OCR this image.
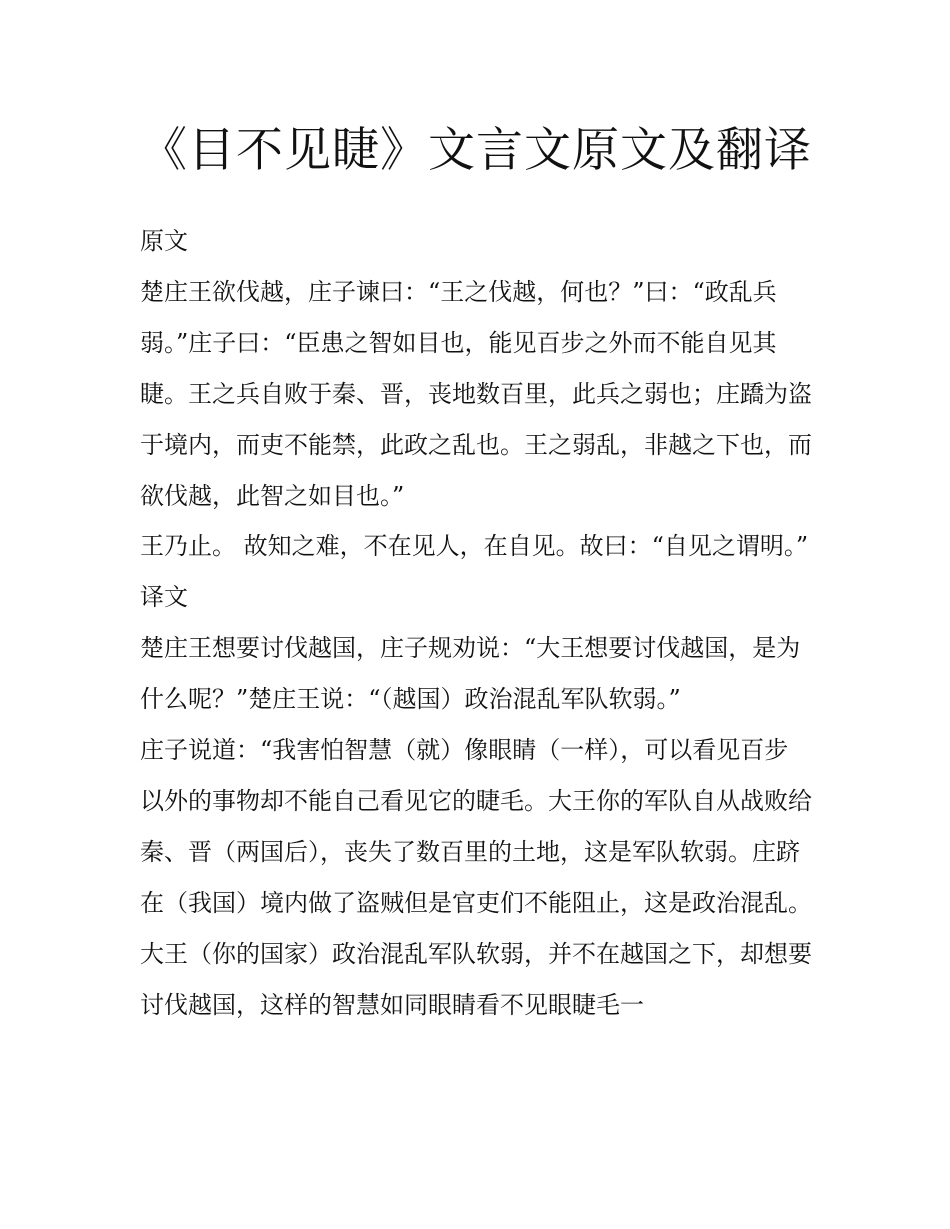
《目不见睫》文言文原文及翻译

原文

楚庄王欲伐越，庄子谏曰：“王之伐越，何也？”曰：“政乱兵弱。”庄子曰：“臣患之智如目也，能见百步之外而不能自见其睫。王之兵自败于秦、晋，丧地数百里，此兵之弱也；庄蹻为盗于境内，而吏不能禁，此政之乱也。王之弱乱，非越之下也，而欲伐越，此智之如目也。”

王乃止。 故知之难，不在见人，在自见。故曰：“自见之谓明。” 译文

楚庄王想要讨伐越国，庄子规劝说：“大王想要讨伐越国，是为什么呢？”楚庄王说：“（越国）政治混乱军队软弱。”

庄子说道：“我害怕智慧（就）像眼睛（一样），可以看见百步以外的事物却不能自己看见它的睫毛。大王你的军队自从战败给秦、晋（两国后），丧失了数百里的土地，这是军队软弱。庄跻在（我国）境内做了盗贼但是官吏们不能阻止，这是政治混乱。大王（你的国家）政治混乱军队软弱，并不在越国之下，却想要讨伐越国，这样的智慧如同眼睛看不见眼睫毛一
